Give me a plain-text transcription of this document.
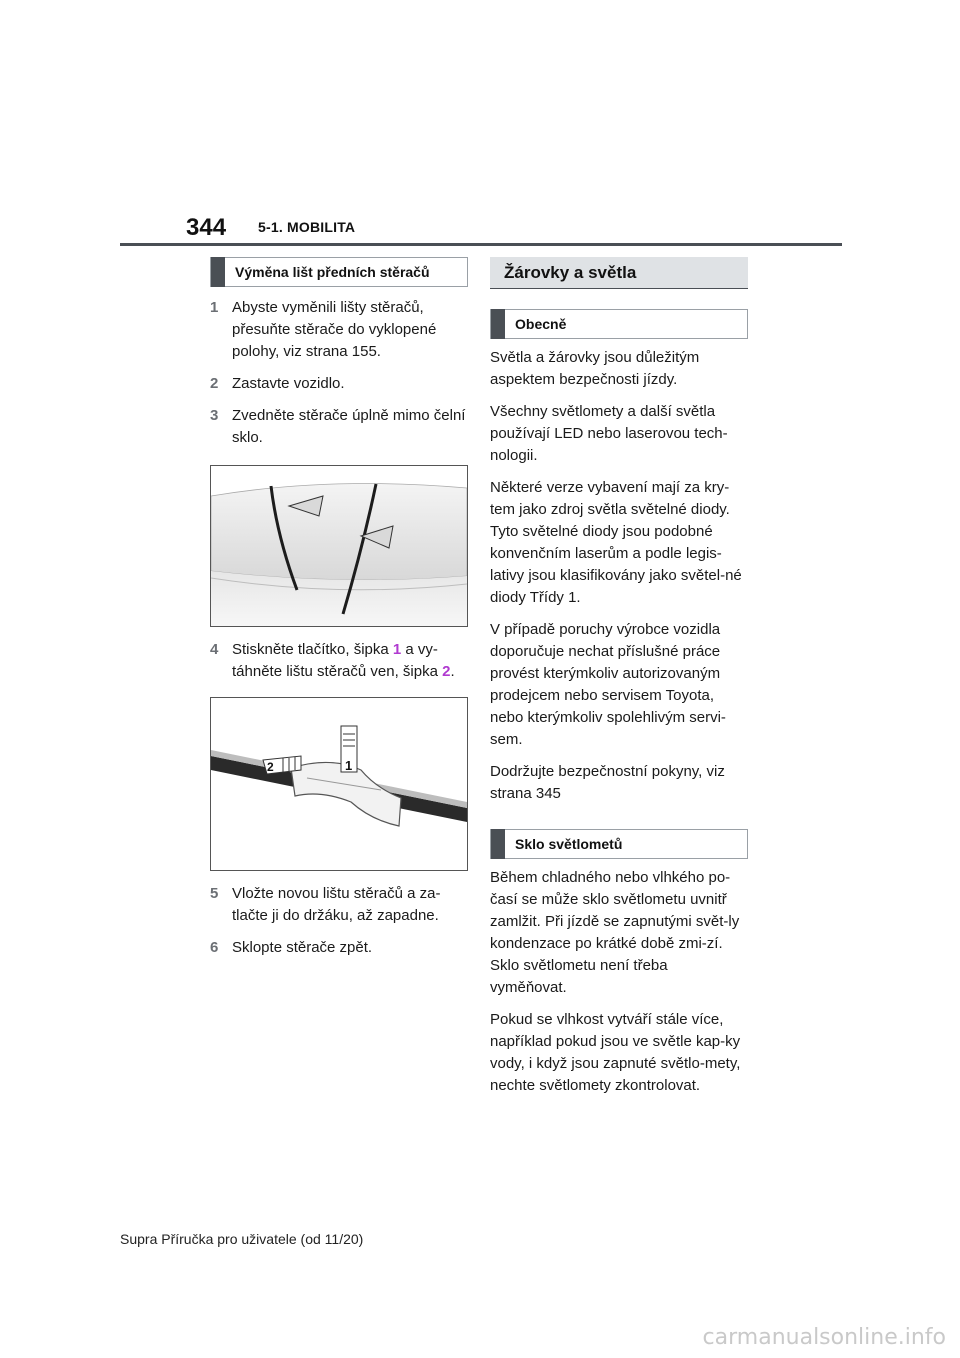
344 5-1. MOBILITA
Výměna lišt předních stěračů
1 Abyste vyměnili lišty stěračů, přesuňte stěrače do vyklopené polohy, viz strana 155.
2 Zastavte vozidlo.
3 Zvedněte stěrače úplně mimo čelní sklo.
4 Stiskněte tlačítko, šipka 1 a vy-táhněte lištu stěračů ven, šipka 2.
1
2
5 Vložte novou lištu stěračů a za-tlačte ji do držáku, až zapadne.
6 Sklopte stěrače zpět.
Žárovky a světla
Obecně

Světla a žárovky jsou důležitým aspektem bezpečnosti jízdy.

Všechny světlomety a další světla používají LED nebo laserovou tech-nologii.

Některé verze vybavení mají za kry-tem jako zdroj světla světelné diody. Tyto světelné diody jsou podobné konvenčním laserům a podle legis-lativy jsou klasifikovány jako světel-né diody Třídy 1.

V případě poruchy výrobce vozidla doporučuje nechat příslušné práce provést kterýmkoliv autorizovaným prodejcem nebo servisem Toyota, nebo kterýmkoliv spolehlivým servi-sem.

Dodržujte bezpečnostní pokyny, viz strana 345

Sklo světlometů

Během chladného nebo vlhkého po-časí se může sklo světlometu uvnitř zamlžit. Při jízdě se zapnutými svět-ly kondenzace po krátké době zmi-zí. Sklo světlometu není třeba vyměňovat.

Pokud se vlhkost vytváří stále více, například pokud jsou ve světle kap-ky vody, i když jsou zapnuté světlo-mety, nechte světlomety zkontrolovat.

Supra Příručka pro uživatele (od 11/20)
carmanualsonline.info
